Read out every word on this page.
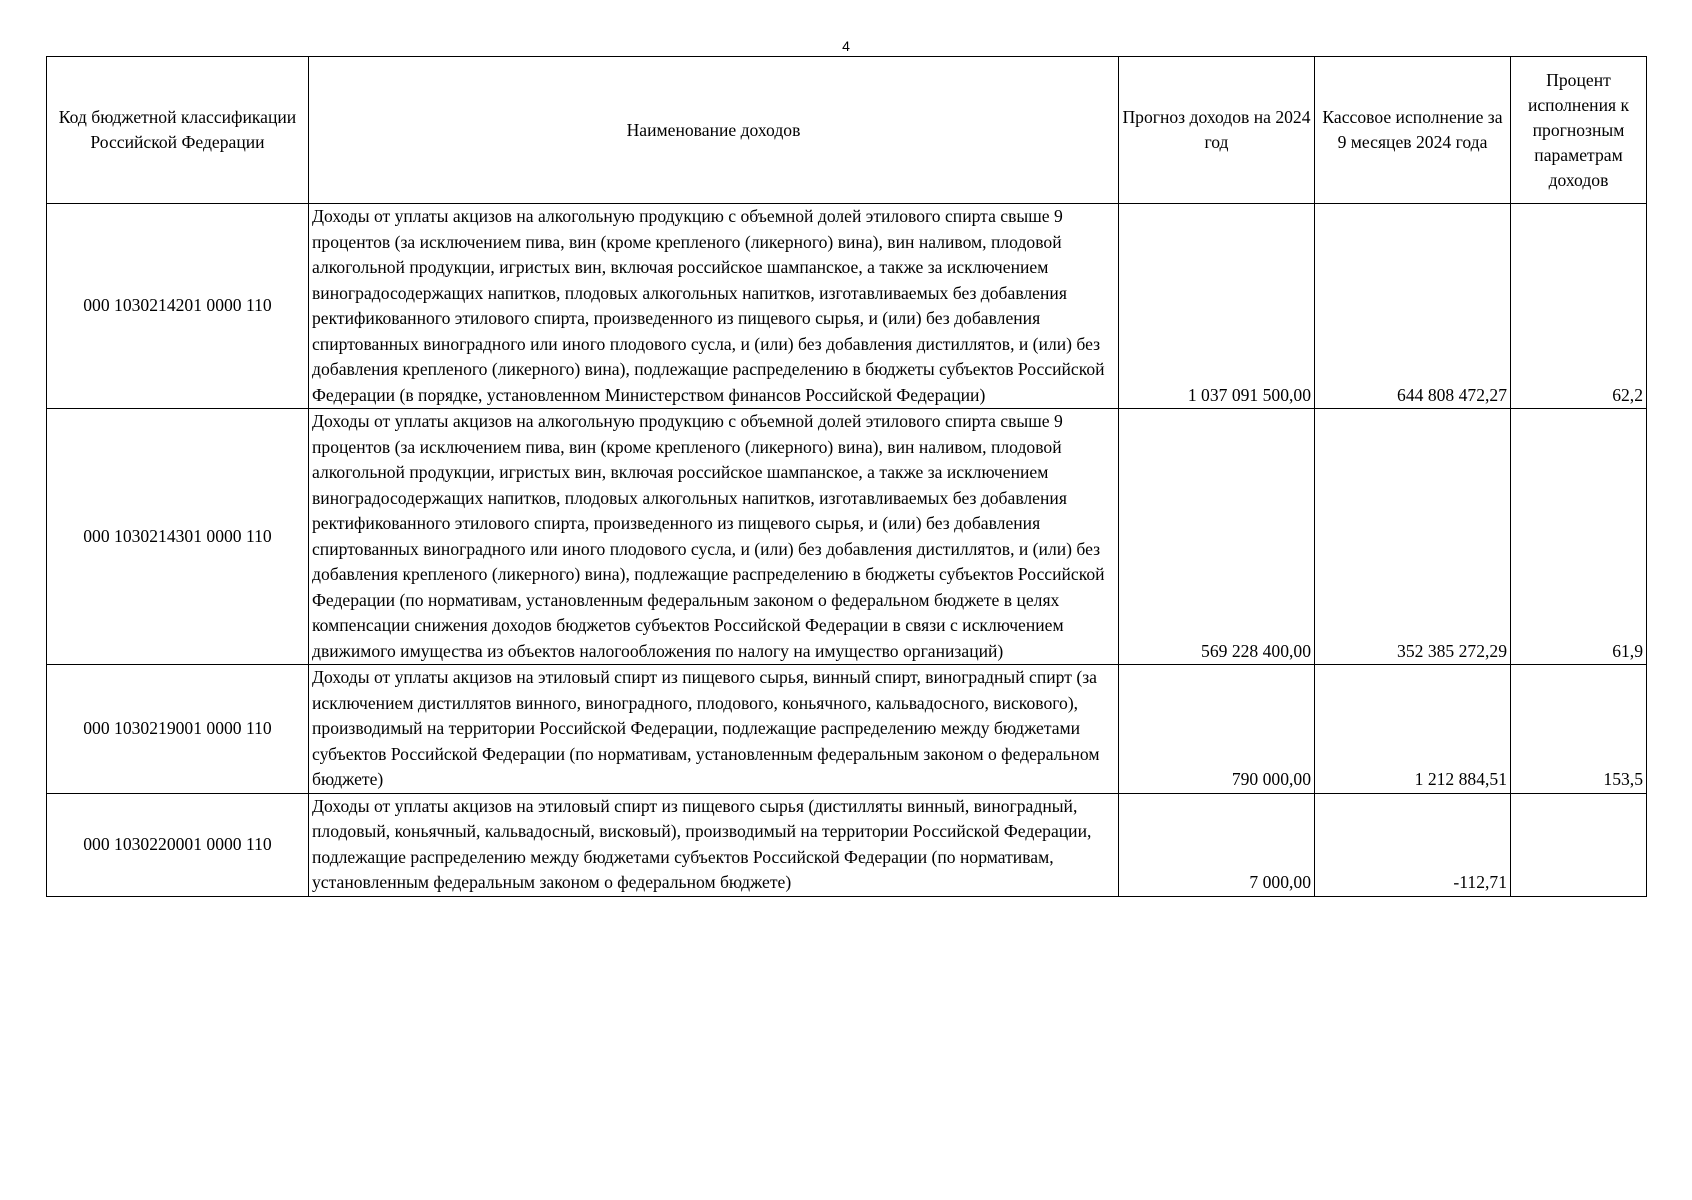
4
Код бюджетной классификации Российской Федерации	Наименование доходов	Прогноз доходов на 2024 год	Кассовое исполнение за 9 месяцев 2024 года	Процент исполнения к прогнозным параметрам доходов
000 1030214201 0000 110	Доходы от уплаты акцизов на алкогольную продукцию с объемной долей этилового спирта свыше 9 процентов (за исключением пива, вин (кроме крепленого (ликерного) вина), вин наливом, плодовой алкогольной продукции, игристых вин, включая российское шампанское, а также за исключением виноградосодержащих напитков, плодовых алкогольных напитков, изготавливаемых без добавления ректификованного этилового спирта, произведенного из пищевого сырья, и (или) без добавления спиртованных виноградного или иного плодового сусла, и (или) без добавления дистиллятов, и (или) без добавления крепленого (ликерного) вина), подлежащие распределению в бюджеты субъектов Российской Федерации (в порядке, установленном Министерством финансов Российской Федерации)	1 037 091 500,00	644 808 472,27	62,2
000 1030214301 0000 110	Доходы от уплаты акцизов на алкогольную продукцию с объемной долей этилового спирта свыше 9 процентов (за исключением пива, вин (кроме крепленого (ликерного) вина), вин наливом, плодовой алкогольной продукции, игристых вин, включая российское шампанское, а также за исключением виноградосодержащих напитков, плодовых алкогольных напитков, изготавливаемых без добавления ректификованного этилового спирта, произведенного из пищевого сырья, и (или) без добавления спиртованных виноградного или иного плодового сусла, и (или) без добавления дистиллятов, и (или) без добавления крепленого (ликерного) вина), подлежащие распределению в бюджеты субъектов Российской Федерации (по нормативам, установленным федеральным законом о федеральном бюджете в целях компенсации снижения доходов бюджетов субъектов Российской Федерации в связи с исключением движимого имущества из объектов налогообложения по налогу на имущество организаций)	569 228 400,00	352 385 272,29	61,9
000 1030219001 0000 110	Доходы от уплаты акцизов на этиловый спирт из пищевого сырья, винный спирт, виноградный спирт (за исключением дистиллятов винного, виноградного, плодового, коньячного, кальвадосного, вискового), производимый на территории Российской Федерации, подлежащие распределению между бюджетами субъектов Российской Федерации (по нормативам, установленным федеральным законом о федеральном бюджете)	790 000,00	1 212 884,51	153,5
000 1030220001 0000 110	Доходы от уплаты акцизов на этиловый спирт из пищевого сырья (дистилляты винный, виноградный, плодовый, коньячный, кальвадосный, висковый), производимый на территории Российской Федерации, подлежащие распределению между бюджетами субъектов Российской Федерации (по нормативам, установленным федеральным законом о федеральном бюджете)	7 000,00	-112,71	
